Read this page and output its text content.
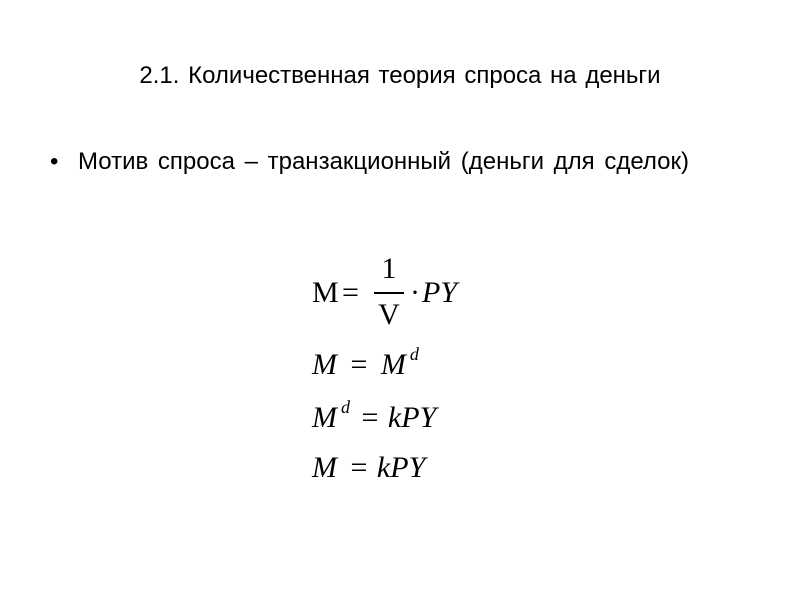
2.1. Количественная теория спроса на деньги
• Мотив спроса – транзакционный (деньги для сделок)
M =
1
V
· PY
M = M $^d$
M $^d$ = kPY
M = kPY
